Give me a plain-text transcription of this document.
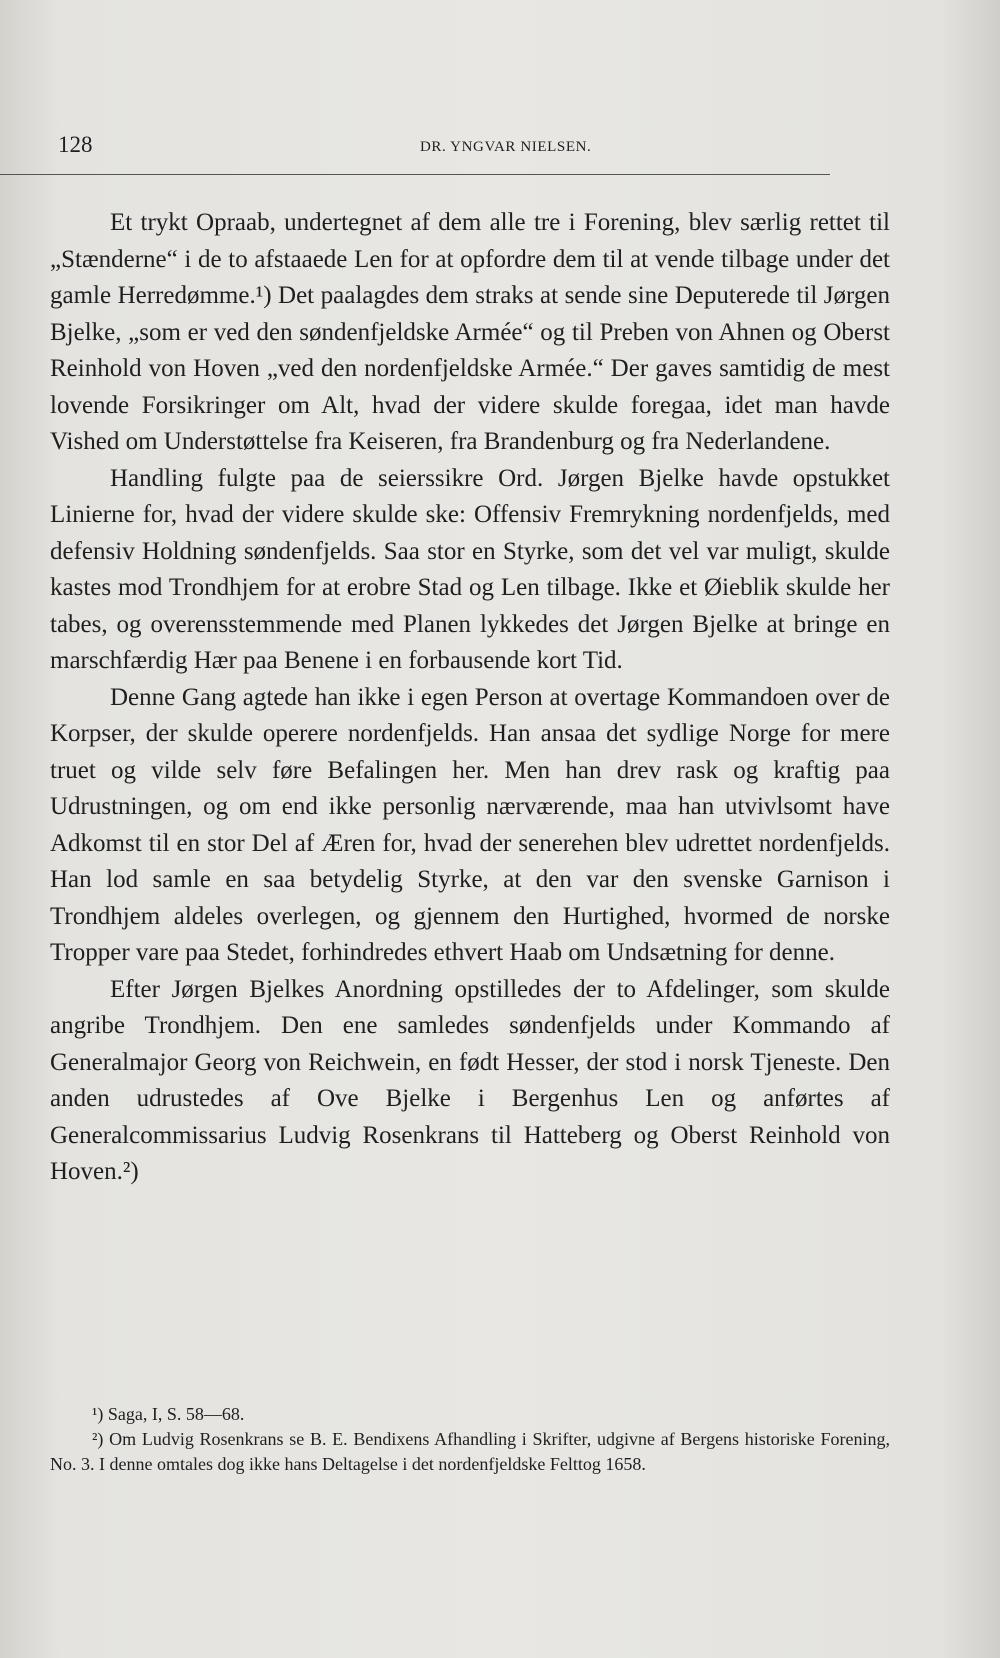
128	DR. YNGVAR NIELSEN.

Et trykt Opraab, undertegnet af dem alle tre i Forening, blev særlig rettet til „Stænderne“ i de to afstaaede Len for at opfordre dem til at vende tilbage under det gamle Herredømme.¹) Det paalagdes dem straks at sende sine Deputerede til Jørgen Bjelke, „som er ved den søndenfjeldske Armée“ og til Preben von Ahnen og Oberst Reinhold von Hoven „ved den nordenfjeldske Armée.“ Der gaves samtidig de mest lovende Forsikringer om Alt, hvad der videre skulde foregaa, idet man havde Vished om Understøttelse fra Keiseren, fra Brandenburg og fra Nederlandene.

Handling fulgte paa de seierssikre Ord. Jørgen Bjelke havde opstukket Linierne for, hvad der videre skulde ske: Offensiv Fremrykning nordenfjelds, med defensiv Holdning søndenfjelds. Saa stor en Styrke, som det vel var muligt, skulde kastes mod Trondhjem for at erobre Stad og Len tilbage. Ikke et Øieblik skulde her tabes, og overensstemmende med Planen lykkedes det Jørgen Bjelke at bringe en marschfærdig Hær paa Benene i en forbausende kort Tid.

Denne Gang agtede han ikke i egen Person at overtage Kommandoen over de Korpser, der skulde operere nordenfjelds. Han ansaa det sydlige Norge for mere truet og vilde selv føre Befalingen her. Men han drev rask og kraftig paa Udrustningen, og om end ikke personlig nærværende, maa han utvivlsomt have Adkomst til en stor Del af Æren for, hvad der senerehen blev udrettet nordenfjelds. Han lod samle en saa betydelig Styrke, at den var den svenske Garnison i Trondhjem aldeles overlegen, og gjennem den Hurtighed, hvormed de norske Tropper vare paa Stedet, forhindredes ethvert Haab om Undsætning for denne.

Efter Jørgen Bjelkes Anordning opstilledes der to Afdelinger, som skulde angribe Trondhjem. Den ene samledes søndenfjelds under Kommando af Generalmajor Georg von Reichwein, en født Hesser, der stod i norsk Tjeneste. Den anden udrustedes af Ove Bjelke i Bergenhus Len og anførtes af Generalcommissarius Ludvig Rosenkrans til Hatteberg og Oberst Reinhold von Hoven.²)

¹) Saga, I, S. 58—68.

²) Om Ludvig Rosenkrans se B. E. Bendixens Afhandling i Skrifter, udgivne af Bergens historiske Forening, No. 3. I denne omtales dog ikke hans Deltagelse i det nordenfjeldske Felttog 1658.
